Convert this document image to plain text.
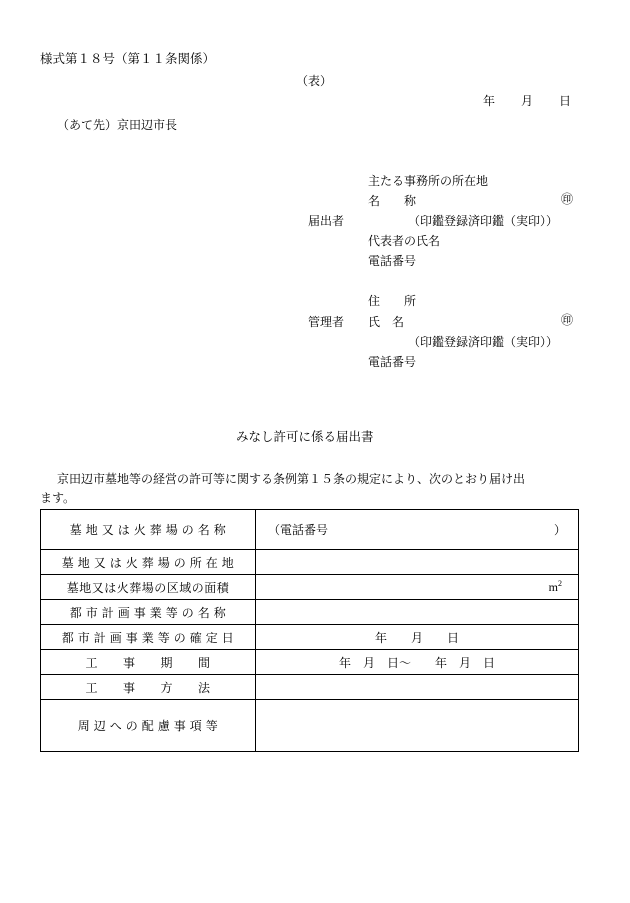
様式第１８号（第１１条関係）
（表）
年 月 日
（あて先）京田辺市長
主たる事務所の所在地
名　　称	㊞
届出者	（印鑑登録済印鑑（実印））
代表者の氏名
電話番号
住　　所
管理者 氏　名	㊞
（印鑑登録済印鑑（実印））
電話番号
みなし許可に係る届出書
京田辺市墓地等の経営の許可等に関する条例第１５条の規定により、次のとおり届け出
ます。
墓 地 又 は 火 葬 場 の 名 称	（電話番号 ）

墓 地 又 は 火 葬 場 の 所 在 地	
墓地又は火葬場の区域の面積	$m^2$

都 市 計 画 事 業 等 の 名 称	
都 市 計 画 事 業 等 の 確 定 日	年 月 日

工　　事　　期　　間	年　月　日～　　年　月　日

工　　事　　方　　法	
周 辺 へ の 配 慮 事 項 等	
